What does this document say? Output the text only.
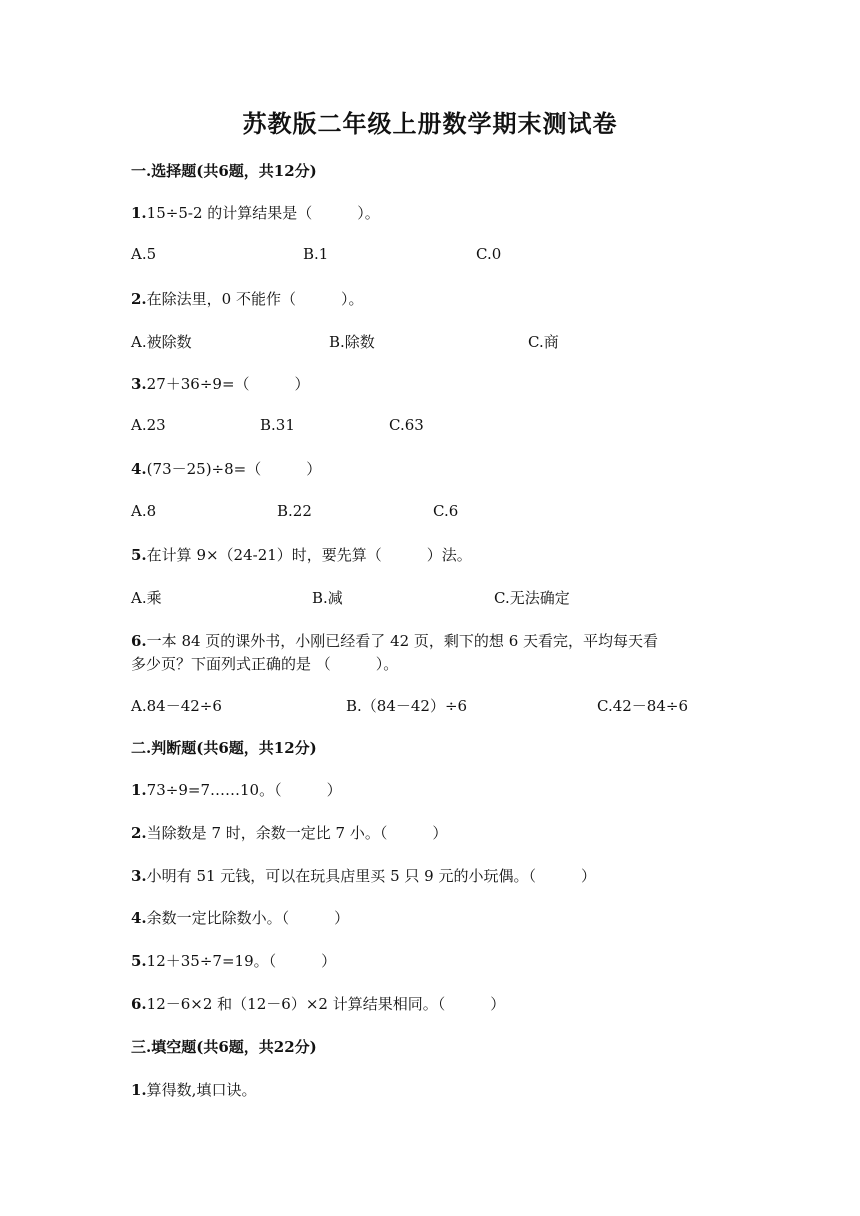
苏教版二年级上册数学期末测试卷
一.选择题(共6题，共12分)
1.15÷5-2 的计算结果是（　　　）。
A.5	B.1	C.0
2.在除法里，0 不能作（　　　）。
A.被除数	B.除数	C.商
3.27＋36÷9=（　　　）
A.23	B.31	C.63
4.(73－25)÷8=（　　　）
A.8	B.22	C.6
5.在计算 9×（24-21）时，要先算（　　　）法。
A.乘	B.减	C.无法确定
6.一本 84 页的课外书，小刚已经看了 42 页，剩下的想 6 天看完，平均每天看
多少页？下面列式正确的是 （　　　）。
A.84－42÷6	B.（84－42）÷6	C.42－84÷6
二.判断题(共6题，共12分)
1.73÷9=7……10。（　　　）
2.当除数是 7 时，余数一定比 7 小。（　　　）
3.小明有 51 元钱，可以在玩具店里买 5 只 9 元的小玩偶。（　　　）
4.余数一定比除数小。（　　　）
5.12＋35÷7=19。（　　　）
6.12－6×2 和（12－6）×2 计算结果相同。（　　　）
三.填空题(共6题，共22分)
1.算得数,填口诀。
